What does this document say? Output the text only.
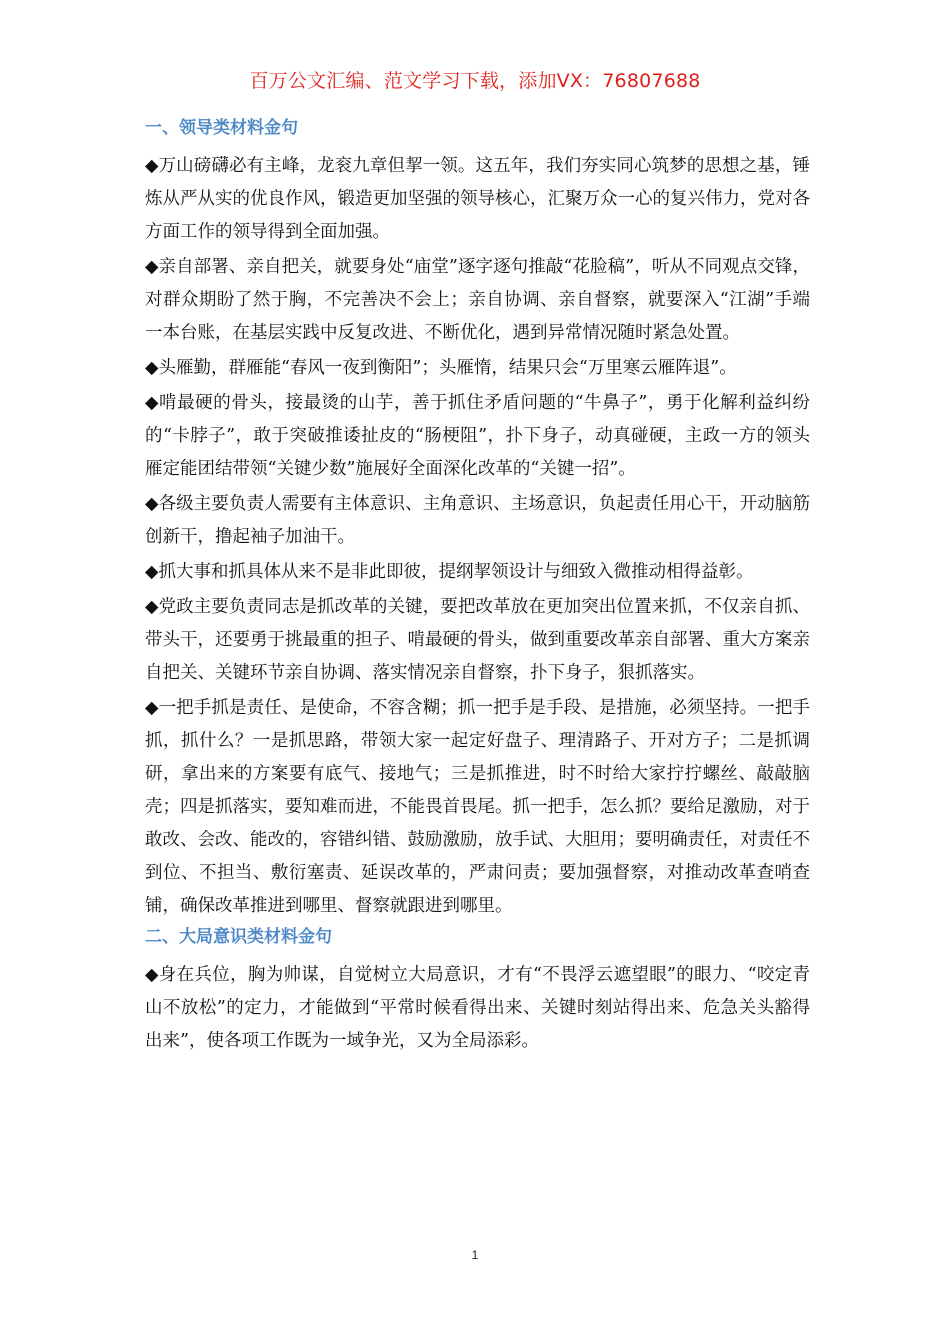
百万公文汇编、范文学习下载，添加VX：76807688
一、领导类材料金句

◆万山磅礴必有主峰，龙衮九章但挈一领。这五年，我们夯实同心筑梦的思想之基，锤炼从严从实的优良作风，锻造更加坚强的领导核心，汇聚万众一心的复兴伟力，党对各方面工作的领导得到全面加强。

◆亲自部署、亲自把关，就要身处“庙堂”逐字逐句推敲“花脸稿”，听从不同观点交锋，对群众期盼了然于胸，不完善决不会上；亲自协调、亲自督察，就要深入“江湖”手端一本台账，在基层实践中反复改进、不断优化，遇到异常情况随时紧急处置。

◆头雁勤，群雁能“春风一夜到衡阳”；头雁惰，结果只会“万里寒云雁阵退”。

◆啃最硬的骨头，接最烫的山芋，善于抓住矛盾问题的“牛鼻子”，勇于化解利益纠纷的“卡脖子”，敢于突破推诿扯皮的“肠梗阻”，扑下身子，动真碰硬，主政一方的领头雁定能团结带领“关键少数”施展好全面深化改革的“关键一招”。

◆各级主要负责人需要有主体意识、主角意识、主场意识，负起责任用心干，开动脑筋创新干，撸起袖子加油干。

◆抓大事和抓具体从来不是非此即彼，提纲挈领设计与细致入微推动相得益彰。

◆党政主要负责同志是抓改革的关键，要把改革放在更加突出位置来抓，不仅亲自抓、带头干，还要勇于挑最重的担子、啃最硬的骨头，做到重要改革亲自部署、重大方案亲自把关、关键环节亲自协调、落实情况亲自督察，扑下身子，狠抓落实。

◆一把手抓是责任、是使命，不容含糊；抓一把手是手段、是措施，必须坚持。一把手抓，抓什么？一是抓思路，带领大家一起定好盘子、理清路子、开对方子；二是抓调研，拿出来的方案要有底气、接地气；三是抓推进，时不时给大家拧拧螺丝、敲敲脑壳；四是抓落实，要知难而进，不能畏首畏尾。抓一把手，怎么抓？要给足激励，对于敢改、会改、能改的，容错纠错、鼓励激励，放手试、大胆用；要明确责任，对责任不到位、不担当、敷衍塞责、延误改革的，严肃问责；要加强督察，对推动改革查哨查铺，确保改革推进到哪里、督察就跟进到哪里。

二、大局意识类材料金句

◆身在兵位，胸为帅谋，自觉树立大局意识，才有“不畏浮云遮望眼”的眼力、“咬定青山不放松”的定力，才能做到“平常时候看得出来、关键时刻站得出来、危急关头豁得出来”，使各项工作既为一域争光，又为全局添彩。

1
